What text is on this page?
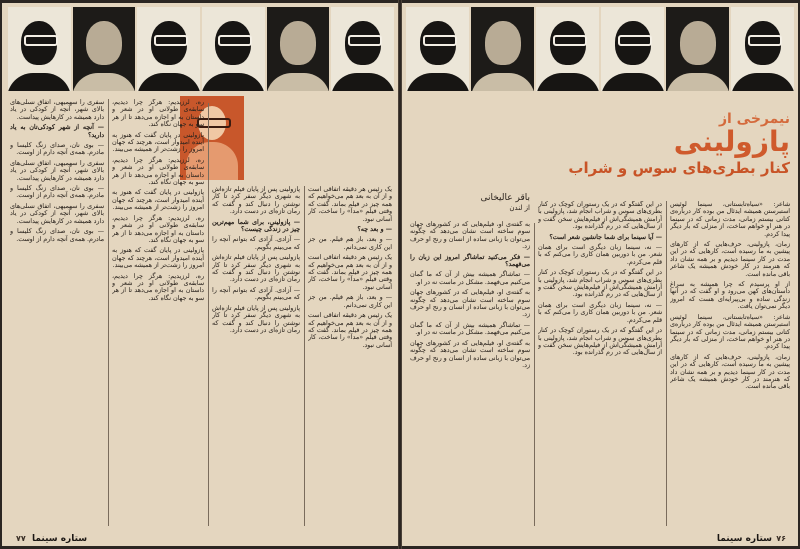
یک رئیس هر دقیقه اتفاقی است و از آن به بعد هم می‌خواهیم که همه چیز در فیلم بماند. گفت که وقتی فیلم «مدآ» را ساخت، کار آسانی نبود.

— و بعد چه؟

— و بعد، باز هم فیلم. من جز این کاری نمی‌دانم.

یک رئیس هر دقیقه اتفاقی است و از آن به بعد هم می‌خواهیم که همه چیز در فیلم بماند. گفت که وقتی فیلم «مدآ» را ساخت، کار آسانی نبود.

— و بعد، باز هم فیلم. من جز این کاری نمی‌دانم.

یک رئیس هر دقیقه اتفاقی است و از آن به بعد هم می‌خواهیم که همه چیز در فیلم بماند. گفت که وقتی فیلم «مدآ» را ساخت، کار آسانی نبود.

پازولینی پس از پایان فیلم تازه‌اش به شهری دیگر سفر کرد تا کار نوشتن را دنبال کند و گفت که رمان تازه‌ای در دست دارد.

— پازولینی، برای شما مهم‌ترین چیز در زندگی چیست؟

— آزادی. آزادی که بتوانم آنچه را که می‌بینم بگویم.

پازولینی پس از پایان فیلم تازه‌اش به شهری دیگر سفر کرد تا کار نوشتن را دنبال کند و گفت که رمان تازه‌ای در دست دارد.

— آزادی. آزادی که بتوانم آنچه را که می‌بینم بگویم.

پازولینی پس از پایان فیلم تازه‌اش به شهری دیگر سفر کرد تا کار نوشتن را دنبال کند و گفت که رمان تازه‌ای در دست دارد.

ره، لرزیدیم: هرگز چرا دیدیم، سابقه‌ی طولانی او در شعر و داستان به او اجازه می‌دهد تا از هر سو به جهان نگاه کند.

پازولینی در پایان گفت که هنوز به آینده امیدوار است، هرچند که جهان امروز را زشت‌تر از همیشه می‌بیند.

ره، لرزیدیم: هرگز چرا دیدیم، سابقه‌ی طولانی او در شعر و داستان به او اجازه می‌دهد تا از هر سو به جهان نگاه کند.

پازولینی در پایان گفت که هنوز به آینده امیدوار است، هرچند که جهان امروز را زشت‌تر از همیشه می‌بیند.

ره، لرزیدیم: هرگز چرا دیدیم، سابقه‌ی طولانی او در شعر و داستان به او اجازه می‌دهد تا از هر سو به جهان نگاه کند.

پازولینی در پایان گفت که هنوز به آینده امیدوار است، هرچند که جهان امروز را زشت‌تر از همیشه می‌بیند.

ره، لرزیدیم: هرگز چرا دیدیم، سابقه‌ی طولانی او در شعر و داستان به او اجازه می‌دهد تا از هر سو به جهان نگاه کند.

سفری را سهمیهی، اتفاق نسلی‌های بالای شهر، آنچه از کودکی در یاد دارد همیشه در کارهایش پیداست.

— آنچه از شهر کودکی‌تان به یاد دارید؟

— بوی نان، صدای زنگ کلیسا و مادرم. همه‌ی آنچه دارم از اوست.

سفری را سهمیهی، اتفاق نسلی‌های بالای شهر، آنچه از کودکی در یاد دارد همیشه در کارهایش پیداست.

— بوی نان، صدای زنگ کلیسا و مادرم. همه‌ی آنچه دارم از اوست.

سفری را سهمیهی، اتفاق نسلی‌های بالای شهر، آنچه از کودکی در یاد دارد همیشه در کارهایش پیداست.

— بوی نان، صدای زنگ کلیسا و مادرم. همه‌ی آنچه دارم از اوست.

۷۷ ستاره سینما
نیمرخی از
پازولینی
کنار بطری‌های سوس و شراب
باقر عالیخانی
از لندن	شاعر: «سیاه‌تابستانی، سینما لوئیس استبرستن همیشه ایدئال من بوده کار درباره‌ی کتانی بیستم زمانی، مدت زمانی که در سینما در هنر او خواهم ساخت، از منزلی که بار دیگر پیدا کردم.

زمان، پازولینی، حرف‌هایی که از کارهای پیشین به ما رسیده است، کارهایی که در این مدت در کار سینما دیدیم و بر همه نشان داد که هنرمند در کار خودش همیشه یک شاعر باقی مانده است.

از او پرسیدم که چرا همیشه به سراغ داستان‌های کهن می‌رود و او گفت که در آنها زندگی ساده و بی‌پیرایه‌ای هست که امروز دیگر نمی‌توان یافت.

شاعر: «سیاه‌تابستانی، سینما لوئیس استبرستن همیشه ایدئال من بوده کار درباره‌ی کتانی بیستم زمانی، مدت زمانی که در سینما در هنر او خواهم ساخت، از منزلی که بار دیگر پیدا کردم.

زمان، پازولینی، حرف‌هایی که از کارهای پیشین به ما رسیده است، کارهایی که در این مدت در کار سینما دیدیم و بر همه نشان داد که هنرمند در کار خودش همیشه یک شاعر باقی مانده است.

در این گفتگو که در یک رستوران کوچک در کنار بطری‌های سوس و شراب انجام شد، پازولینی با آرامش همیشگی‌اش از فیلم‌هایش سخن گفت و از سال‌هایی که در رم گذرانده بود.

— آیا سینما برای شما جانشین شعر است؟

— نه، سینما زبان دیگری است برای همان شعر. من با دوربین همان کاری را می‌کنم که با قلم می‌کردم.

در این گفتگو که در یک رستوران کوچک در کنار بطری‌های سوس و شراب انجام شد، پازولینی با آرامش همیشگی‌اش از فیلم‌هایش سخن گفت و از سال‌هایی که در رم گذرانده بود.

— نه، سینما زبان دیگری است برای همان شعر. من با دوربین همان کاری را می‌کنم که با قلم می‌کردم.

در این گفتگو که در یک رستوران کوچک در کنار بطری‌های سوس و شراب انجام شد، پازولینی با آرامش همیشگی‌اش از فیلم‌هایش سخن گفت و از سال‌هایی که در رم گذرانده بود.

به گفته‌ی او، فیلم‌هایی که در کشورهای جهان سوم ساخته است نشان می‌دهد که چگونه می‌توان با زبانی ساده از انسان و رنج او حرف زد.

— فکر می‌کنید تماشاگر امروز این زبان را می‌فهمد؟

— تماشاگر همیشه بیش از آن که ما گمان می‌کنیم می‌فهمد. مشکل در ماست نه در او.

به گفته‌ی او، فیلم‌هایی که در کشورهای جهان سوم ساخته است نشان می‌دهد که چگونه می‌توان با زبانی ساده از انسان و رنج او حرف زد.

— تماشاگر همیشه بیش از آن که ما گمان می‌کنیم می‌فهمد. مشکل در ماست نه در او.

به گفته‌ی او، فیلم‌هایی که در کشورهای جهان سوم ساخته است نشان می‌دهد که چگونه می‌توان با زبانی ساده از انسان و رنج او حرف زد.

۷۶
ستاره سینما
